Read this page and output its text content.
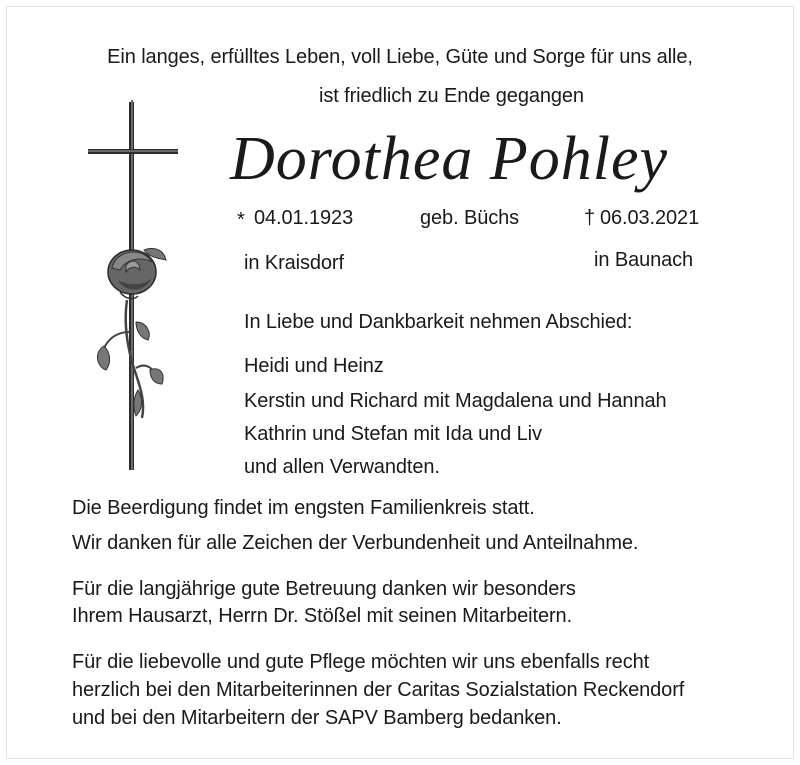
Ein langes, erfülltes Leben, voll Liebe, Güte und Sorge für uns alle,
ist friedlich zu Ende gegangen
Dorothea Pohley
* 04.01.1923	geb. Büchs	† 06.03.2021
in Kraisdorf	in Baunach
In Liebe und Dankbarkeit nehmen Abschied:
Heidi und Heinz
Kerstin und Richard mit Magdalena und Hannah
Kathrin und Stefan mit Ida und Liv
und allen Verwandten.
Die Beerdigung findet im engsten Familienkreis statt.
Wir danken für alle Zeichen der Verbundenheit und Anteilnahme.
Für die langjährige gute Betreuung danken wir besonders
Ihrem Hausarzt, Herrn Dr. Stößel mit seinen Mitarbeitern.
Für die liebevolle und gute Pflege möchten wir uns ebenfalls recht
herzlich bei den Mitarbeiterinnen der Caritas Sozialstation Reckendorf
und bei den Mitarbeitern der SAPV Bamberg bedanken.
